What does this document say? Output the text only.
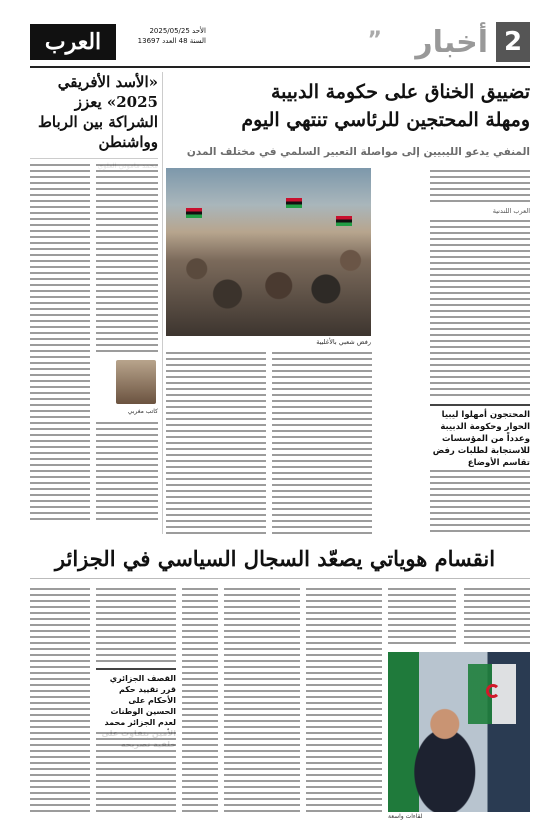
العرب	الأحد 2025/05/25
السنة 48 العدد 13697	2
أخبار
”
«الأسد الأفريقي 2025» يعزز الشراكة بين الرباط وواشنطن
كاتب مغربي
تضييق الخناق على حكومة الدبيبة
ومهلة المحتجين للرئاسي تنتهي اليوم
المنفي يدعو الليبيين إلى مواصلة التعبير السلمي في مختلف المدن
العرب اللندنية
رفض شعبي بالأغلبية
المحتجون أمهلوا ليبيا الحوار وحكومة الدبيبة وعدداً من المؤسسات للاستجابة لطلبات رفض تقاسم الأوضاع
انقسام هوياتي يصعّد السجال السياسي في الجزائر
لقاءات واسعة
القصف الجزائري قرر تقييد حكم الأحكام على الحسين الوطنات لعدم الجزائر محمد
